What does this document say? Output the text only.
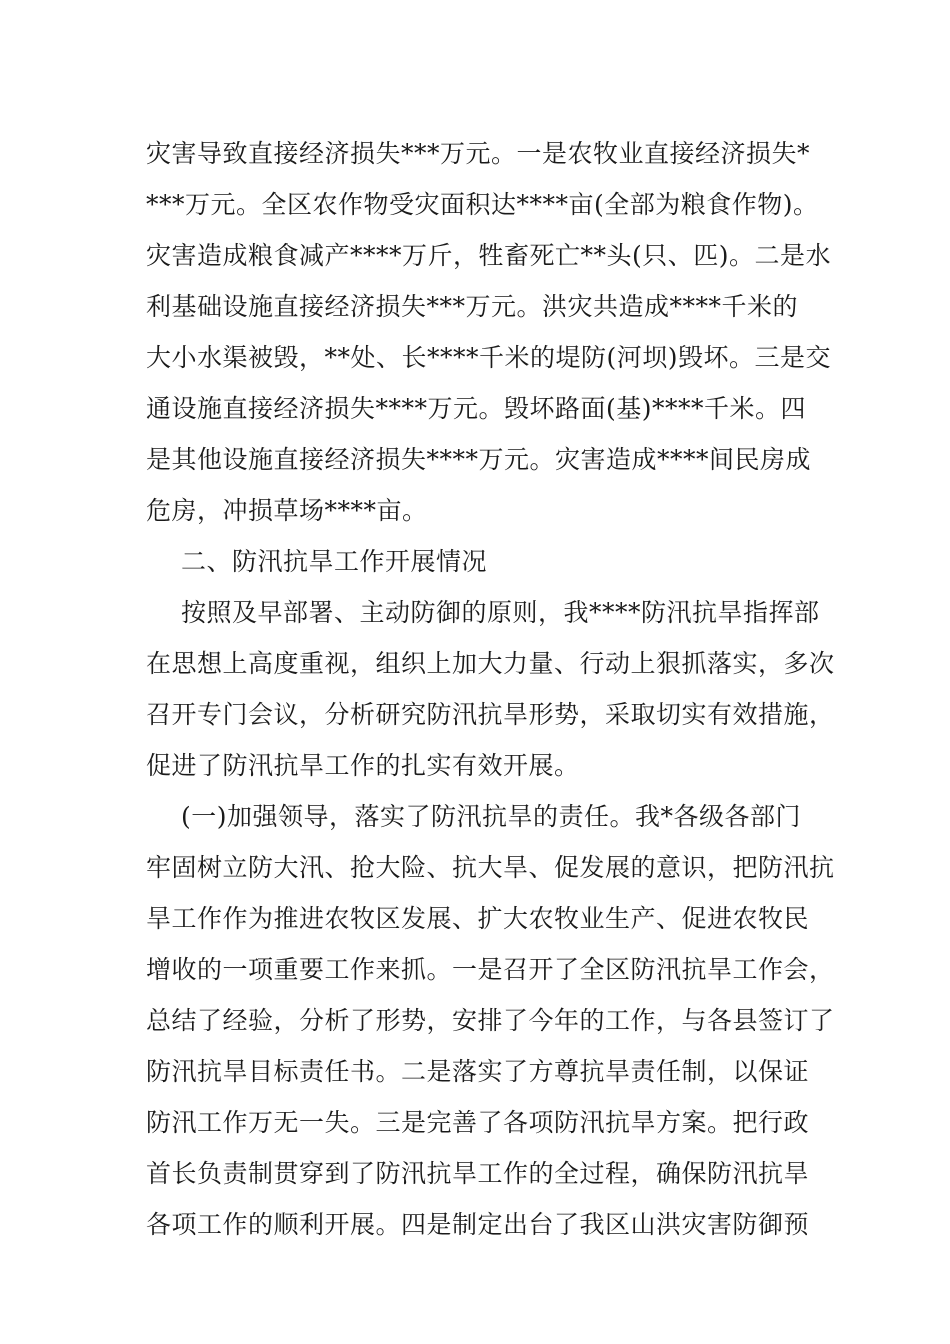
灾害导致直接经济损失***万元。一是农牧业直接经济损失*
***万元。全区农作物受灾面积达****亩(全部为粮食作物)。
灾害造成粮食减产****万斤，牲畜死亡**头(只、匹)。二是水
利基础设施直接经济损失***万元。洪灾共造成****千米的
大小水渠被毁，**处、长****千米的堤防(河坝)毁坏。三是交
通设施直接经济损失****万元。毁坏路面(基)****千米。四
是其他设施直接经济损失****万元。灾害造成****间民房成
危房，冲损草场****亩。
二、防汛抗旱工作开展情况
按照及早部署、主动防御的原则，我****防汛抗旱指挥部
在思想上高度重视，组织上加大力量、行动上狠抓落实，多次
召开专门会议，分析研究防汛抗旱形势，采取切实有效措施，
促进了防汛抗旱工作的扎实有效开展。
(一)加强领导，落实了防汛抗旱的责任。我*各级各部门
牢固树立防大汛、抢大险、抗大旱、促发展的意识，把防汛抗
旱工作作为推进农牧区发展、扩大农牧业生产、促进农牧民
增收的一项重要工作来抓。一是召开了全区防汛抗旱工作会，
总结了经验，分析了形势，安排了今年的工作，与各县签订了
防汛抗旱目标责任书。二是落实了方尊抗旱责任制，以保证
防汛工作万无一失。三是完善了各项防汛抗旱方案。把行政
首长负责制贯穿到了防汛抗旱工作的全过程，确保防汛抗旱
各项工作的顺利开展。四是制定出台了我区山洪灾害防御预
